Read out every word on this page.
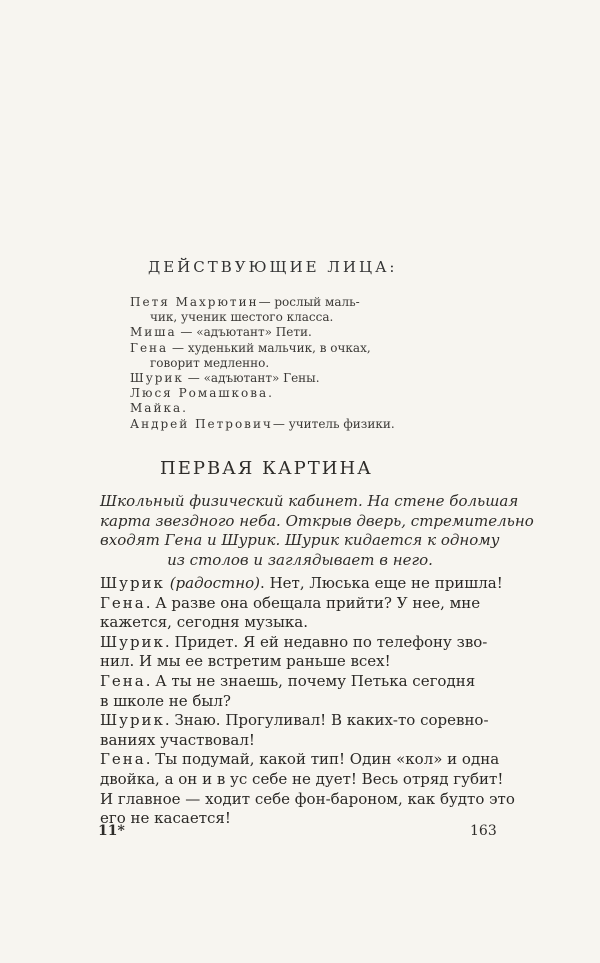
ДЕЙСТВУЮЩИЕ ЛИЦА:

Петя Махрютин— рослый маль-
чик, ученик шестого класса.

Миша — «адъютант» Пети.

Гена — худенький мальчик, в очках,
говорит медленно.

Шурик — «адъютант» Гены.

Люся Ромашкова.

Майка.

Андрей Петрович— учитель физики.

ПЕРВАЯ КАРТИНА
Школьный физический кабинет. На стене большая
карта звездного неба. Открыв дверь, стремительно
входят Гена и Шурик. Шурик кидается к одному
из столов и заглядывает в него.
Шурик (радостно). Нет, Люська еще не пришла!
Гена. А разве она обещала прийти? У нее, мне
кажется, сегодня музыка.
Шурик. Придет. Я ей недавно по телефону зво-
нил. И мы ее встретим раньше всех!
Гена. А ты не знаешь, почему Петька сегодня
в школе не был?
Шурик. Знаю. Прогуливал! В каких-то соревно-
ваниях участвовал!
Гена. Ты подумай, какой тип! Один «кол» и одна
двойка, а он и в ус себе не дует! Весь отряд губит!
И главное — ходит себе фон-бароном, как будто это
его не касается!
11*	163
